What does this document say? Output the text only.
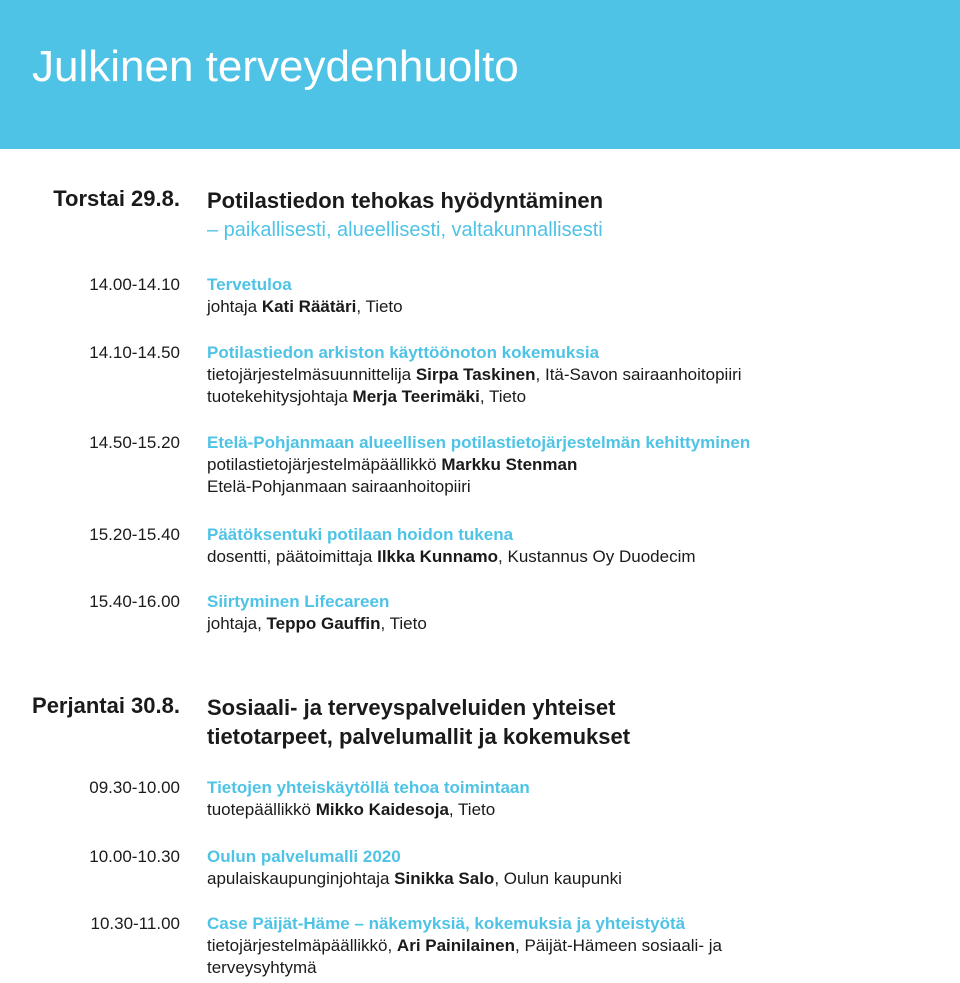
Julkinen terveydenhuolto
Torstai 29.8. Potilastiedon tehokas hyödyntäminen
– paikallisesti, alueellisesti, valtakunnallisesti
14.00-14.10 Tervetuloa
johtaja Kati Räätäri, Tieto
14.10-14.50 Potilastiedon arkiston käyttöönoton kokemuksia
tietojärjestelmäsuunnittelija Sirpa Taskinen, Itä-Savon sairaanhoitopiiri
tuotekehitysjohtaja Merja Teerimäki, Tieto
14.50-15.20 Etelä-Pohjanmaan alueellisen potilastietojärjestelmän kehittyminen
potilastietojärjestelmäpäällikkö Markku Stenman
Etelä-Pohjanmaan sairaanhoitopiiri
15.20-15.40 Päätöksentuki potilaan hoidon tukena
dosentti, päätoimittaja Ilkka Kunnamo, Kustannus Oy Duodecim
15.40-16.00 Siirtyminen Lifecareen
johtaja, Teppo Gauffin, Tieto
Perjantai 30.8. Sosiaali- ja terveyspalveluiden yhteiset
tietotarpeet, palvelumallit ja kokemukset
09.30-10.00 Tietojen yhteiskäytöllä tehoa toimintaan
tuotepäällikkö Mikko Kaidesoja, Tieto
10.00-10.30 Oulun palvelumalli 2020
apulaiskaupunginjohtaja Sinikka Salo, Oulun kaupunki
10.30-11.00 Case Päijät-Häme – näkemyksiä, kokemuksia ja yhteistyötä
tietojärjestelmäpäällikkö, Ari Painilainen, Päijät-Hämeen sosiaali- ja
terveysyhtymä
